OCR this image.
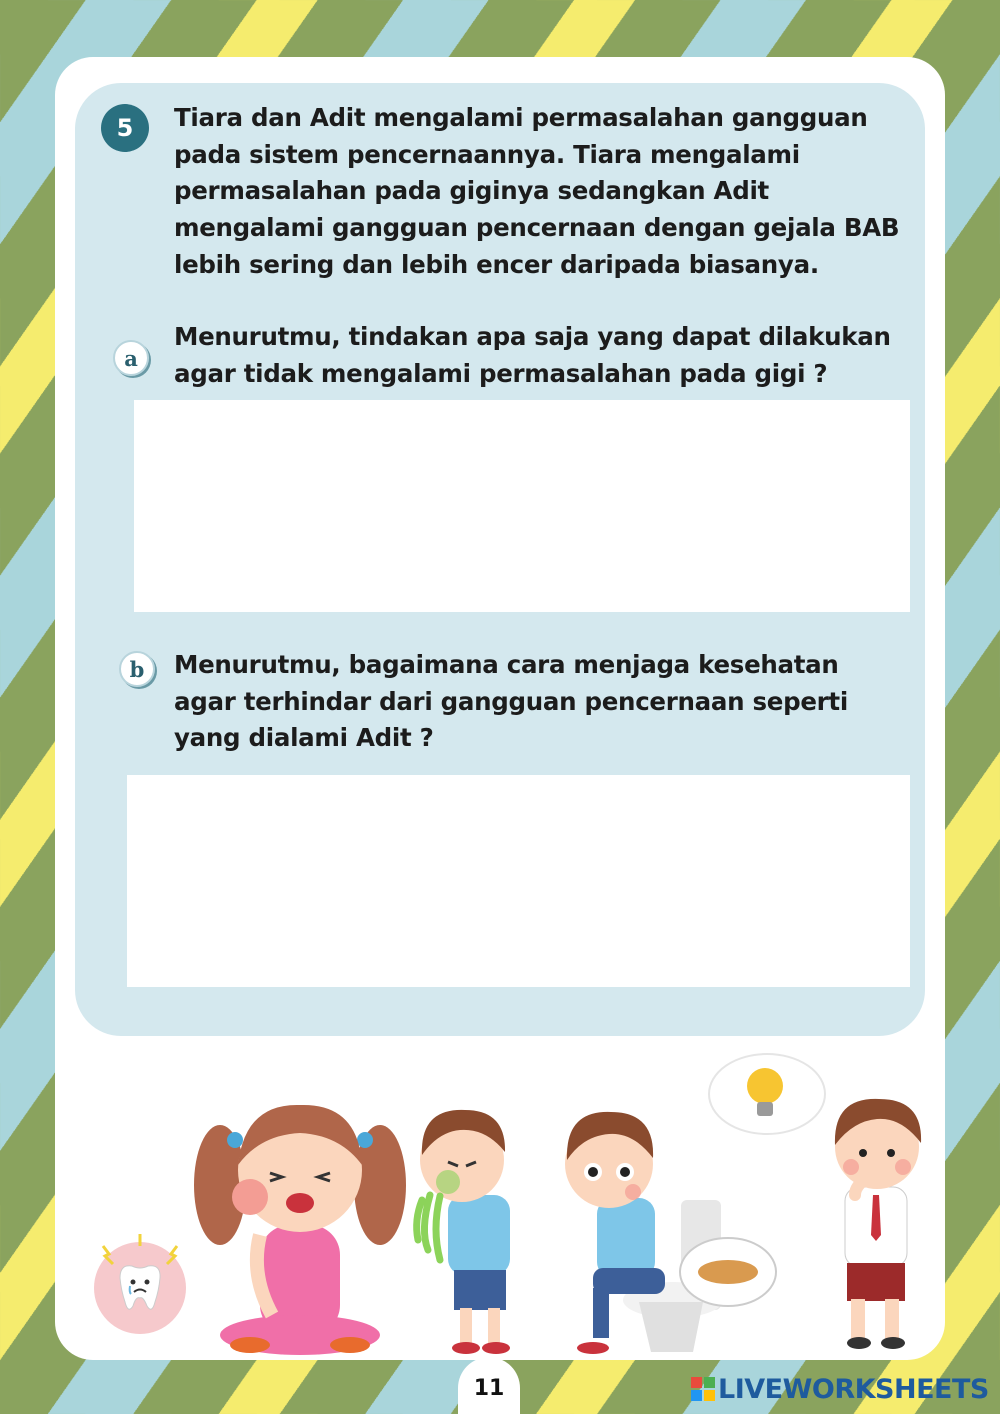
5	Tiara dan Adit mengalami permasalahan gangguan pada sistem pencernaannya. Tiara mengalami permasalahan pada giginya sedangkan Adit mengalami gangguan pencernaan dengan gejala BAB lebih sering dan lebih encer daripada biasanya.
a
Menurutmu, tindakan apa saja yang dapat dilakukan agar tidak mengalami permasalahan pada gigi ?
b	Menurutmu, bagaimana cara menjaga kesehatan agar terhindar dari gangguan pencernaan seperti yang dialami Adit ?
11	LIVEWORKSHEETS
